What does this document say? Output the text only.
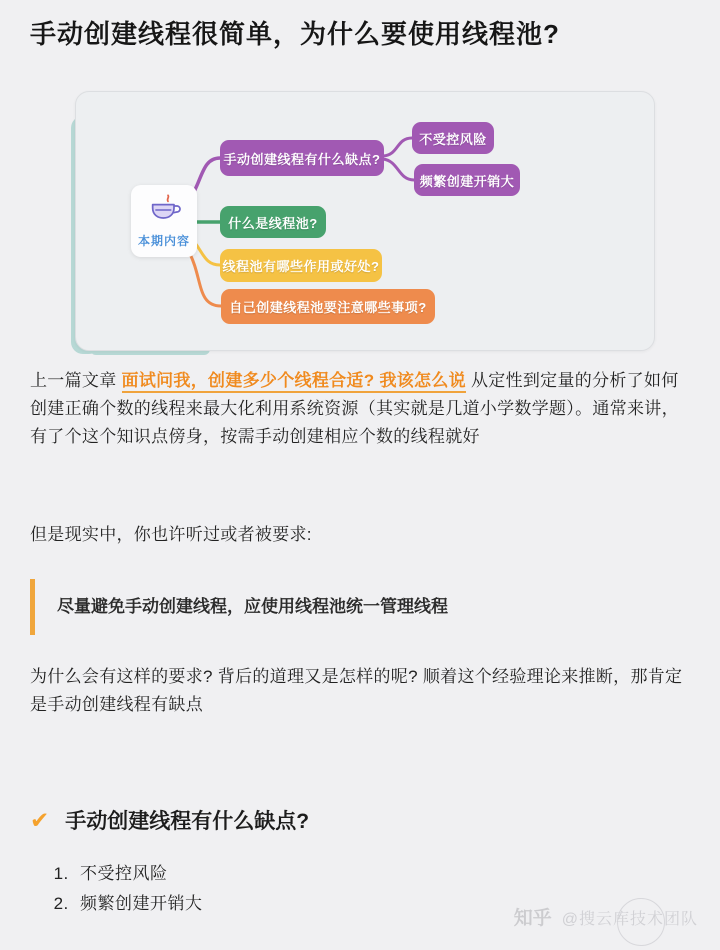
手动创建线程很简单，为什么要使用线程池?
本期内容
手动创建线程有什么缺点?
不受控风险
频繁创建开销大
什么是线程池?
线程池有哪些作用或好处?
自己创建线程池要注意哪些事项?

上一篇文章 面试问我，创建多少个线程合适? 我该怎么说 从定性到定量的分析了如何创建正确个数的线程来最大化利用系统资源（其实就是几道小学数学题）。通常来讲，有了个这个知识点傍身，按需手动创建相应个数的线程就好

但是现实中，你也许听过或者被要求:

尽量避免手动创建线程，应使用线程池统一管理线程

为什么会有这样的要求? 背后的道理又是怎样的呢? 顺着这个经验理论来推断，那肯定是手动创建线程有缺点

✔ 手动创建线程有什么缺点?
1. 不受控风险
2. 频繁创建开销大
知乎 @搜云库技术团队
